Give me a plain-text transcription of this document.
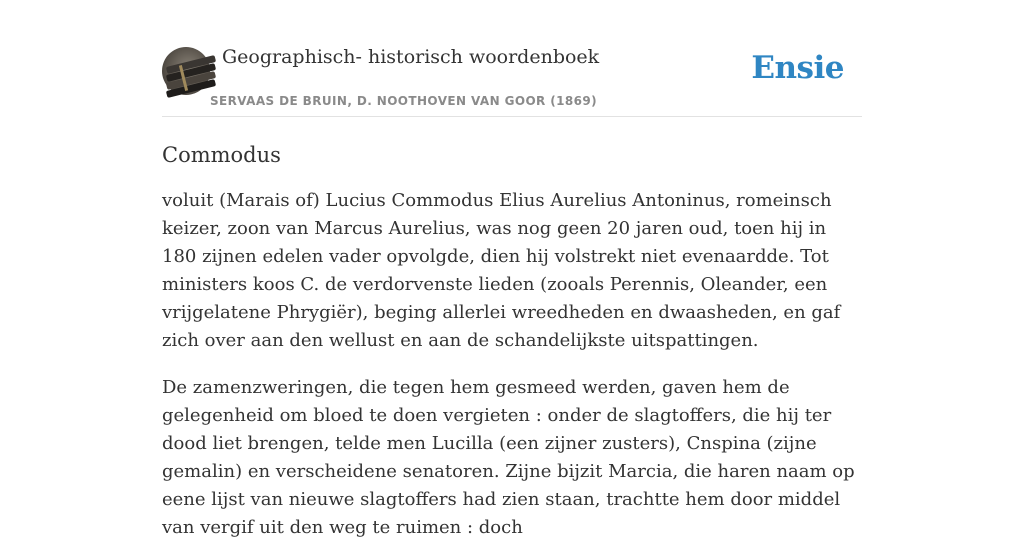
Geographisch- historisch woordenboek
SERVAAS DE BRUIN, D. NOOTHOVEN VAN GOOR (1869)
Ensie
Commodus

voluit (Marais of) Lucius Commodus Elius Aurelius Antoninus, romeinsch keizer, zoon van Marcus Aurelius, was nog geen 20 jaren oud, toen hij in 180 zijnen edelen vader opvolgde, dien hij volstrekt niet evenaardde. Tot ministers koos C. de verdorvenste lieden (zooals Perennis, Oleander, een vrijgelatene Phrygiër), beging allerlei wreedheden en dwaasheden, en gaf zich over aan den wellust en aan de schandelijkste uitspattingen.

De zamenzweringen, die tegen hem gesmeed werden, gaven hem de gelegenheid om bloed te doen vergieten : onder de slagtoffers, die hij ter dood liet brengen, telde men Lucilla (een zijner zusters), Cnspina (zijne gemalin) en verscheidene senatoren. Zijne bijzit Marcia, die haren naam op eene lijst van nieuwe slagtoffers had zien staan, trachtte hem door middel van vergif uit den weg te ruimen : doch
